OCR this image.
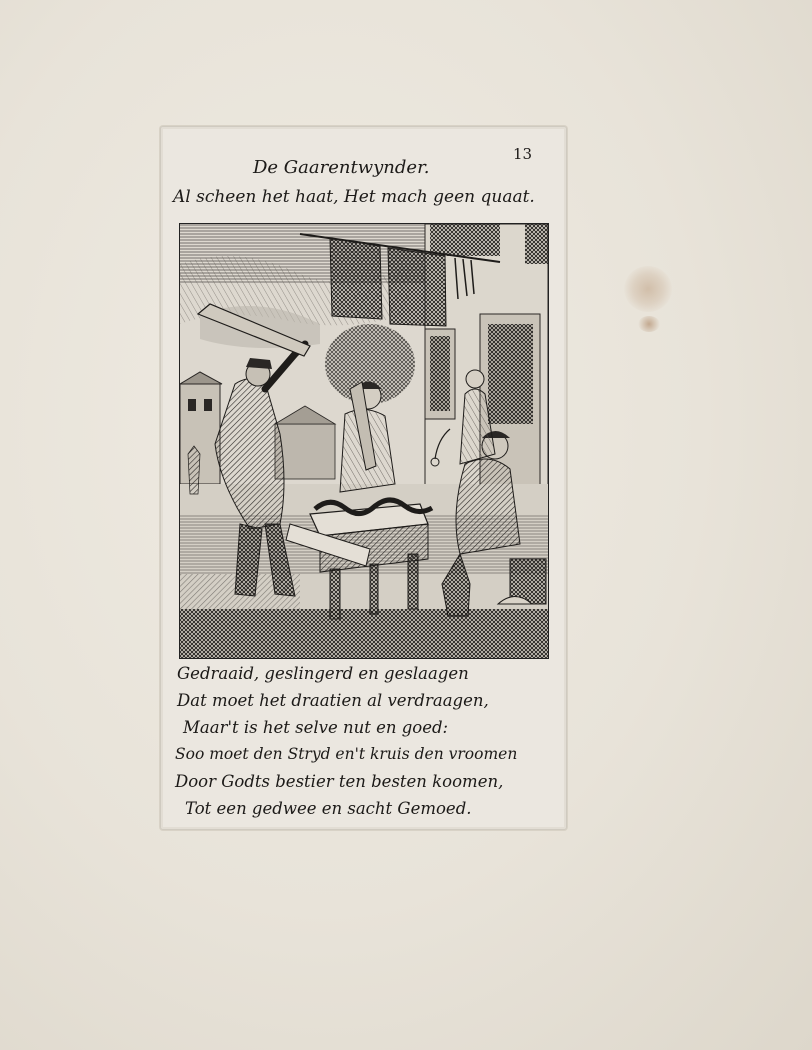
13
De Gaarentwynder.
Al scheen het haat, Het mach geen quaat.
Gedraaid, geslingerd en geslaagen
Dat moet het draatien al verdraagen,
Maar't is het selve nut en goed:
Soo moet den Stryd en't kruis den vroomen
Door Godts bestier ten besten koomen,
Tot een gedwee en sacht Gemoed.
